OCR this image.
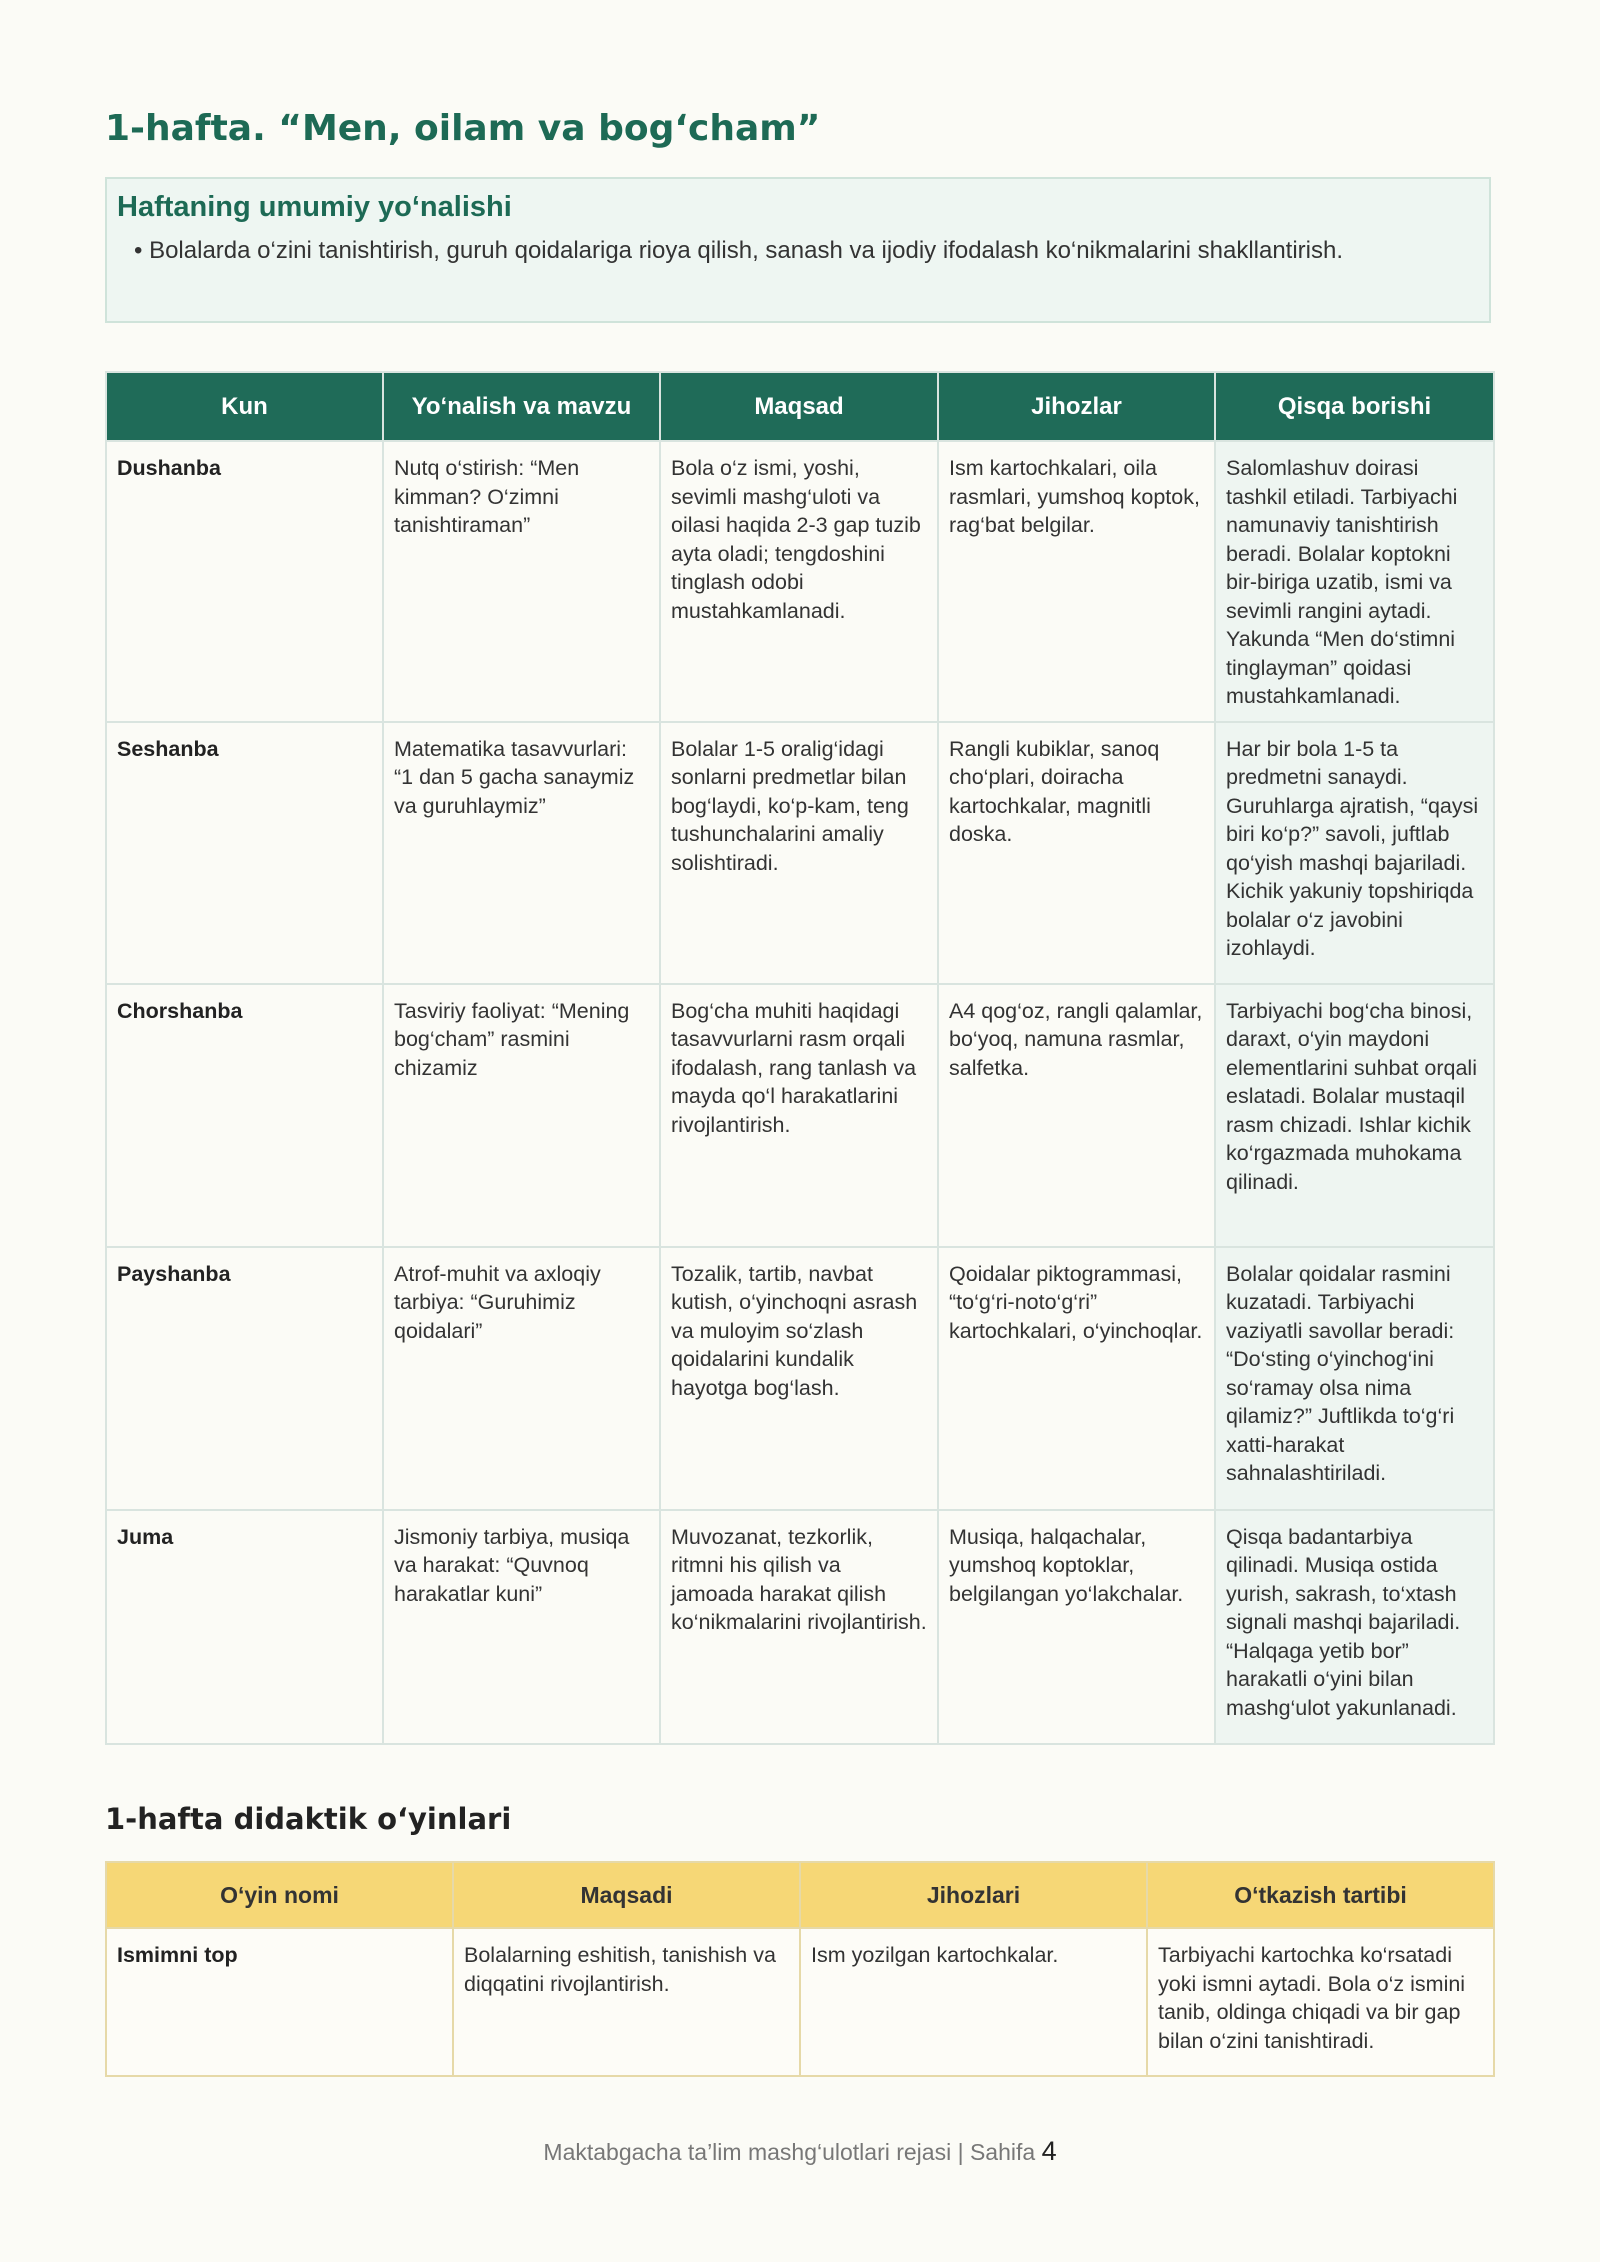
1-hafta. “Men, oilam va bog‘cham”
Haftaning umumiy yo‘nalishi

• Bolalarda o‘zini tanishtirish, guruh qoidalariga rioya qilish, sanash va ijodiy ifodalash ko‘nikmalarini shakllantirish.

Kun	Yo‘nalish va mavzu	Maqsad	Jihozlar	Qisqa borishi
Dushanba	Nutq o‘stirish: “Men kimman? O‘zimni tanishtiraman”	Bola o‘z ismi, yoshi, sevimli mashg‘uloti va oilasi haqida 2-3 gap tuzib ayta oladi; tengdoshini tinglash odobi mustahkamlanadi.	Ism kartochkalari, oila rasmlari, yumshoq koptok, rag‘bat belgilar.	Salomlashuv doirasi tashkil etiladi. Tarbiyachi namunaviy tanishtirish beradi. Bolalar koptokni bir-biriga uzatib, ismi va sevimli rangini aytadi. Yakunda “Men do‘stimni tinglayman” qoidasi mustahkamlanadi.
Seshanba	Matematika tasavvurlari: “1 dan 5 gacha sanaymiz va guruhlaymiz”	Bolalar 1-5 oralig‘idagi sonlarni predmetlar bilan bog‘laydi, ko‘p-kam, teng tushunchalarini amaliy solishtiradi.	Rangli kubiklar, sanoq cho‘plari, doiracha kartochkalar, magnitli doska.	Har bir bola 1-5 ta predmetni sanaydi. Guruhlarga ajratish, “qaysi biri ko‘p?” savoli, juftlab qo‘yish mashqi bajariladi. Kichik yakuniy topshiriqda bolalar o‘z javobini izohlaydi.
Chorshanba	Tasviriy faoliyat: “Mening bog‘cham” rasmini chizamiz	Bog‘cha muhiti haqidagi tasavvurlarni rasm orqali ifodalash, rang tanlash va mayda qo‘l harakatlarini rivojlantirish.	A4 qog‘oz, rangli qalamlar, bo‘yoq, namuna rasmlar, salfetka.	Tarbiyachi bog‘cha binosi, daraxt, o‘yin maydoni elementlarini suhbat orqali eslatadi. Bolalar mustaqil rasm chizadi. Ishlar kichik ko‘rgazmada muhokama qilinadi.
Payshanba	Atrof-muhit va axloqiy tarbiya: “Guruhimiz qoidalari”	Tozalik, tartib, navbat kutish, o‘yinchoqni asrash va muloyim so‘zlash qoidalarini kundalik hayotga bog‘lash.	Qoidalar piktogrammasi, “to‘g‘ri-noto‘g‘ri” kartochkalari, o‘yinchoqlar.	Bolalar qoidalar rasmini kuzatadi. Tarbiyachi vaziyatli savollar beradi: “Do‘sting o‘yinchog‘ini so‘ramay olsa nima qilamiz?” Juftlikda to‘g‘ri xatti-harakat sahnalashtiriladi.
Juma	Jismoniy tarbiya, musiqa va harakat: “Quvnoq harakatlar kuni”	Muvozanat, tezkorlik, ritmni his qilish va jamoada harakat qilish ko‘nikmalarini rivojlantirish.	Musiqa, halqachalar, yumshoq koptoklar, belgilangan yo‘lakchalar.	Qisqa badantarbiya qilinadi. Musiqa ostida yurish, sakrash, to‘xtash signali mashqi bajariladi. “Halqaga yetib bor” harakatli o‘yini bilan mashg‘ulot yakunlanadi.
1-hafta didaktik o‘yinlari
O‘yin nomi	Maqsadi	Jihozlari	O‘tkazish tartibi
Ismimni top	Bolalarning eshitish, tanishish va diqqatini rivojlantirish.	Ism yozilgan kartochkalar.	Tarbiyachi kartochka ko‘rsatadi yoki ismni aytadi. Bola o‘z ismini tanib, oldinga chiqadi va bir gap bilan o‘zini tanishtiradi.
Maktabgacha ta’lim mashg‘ulotlari rejasi | Sahifa 4
